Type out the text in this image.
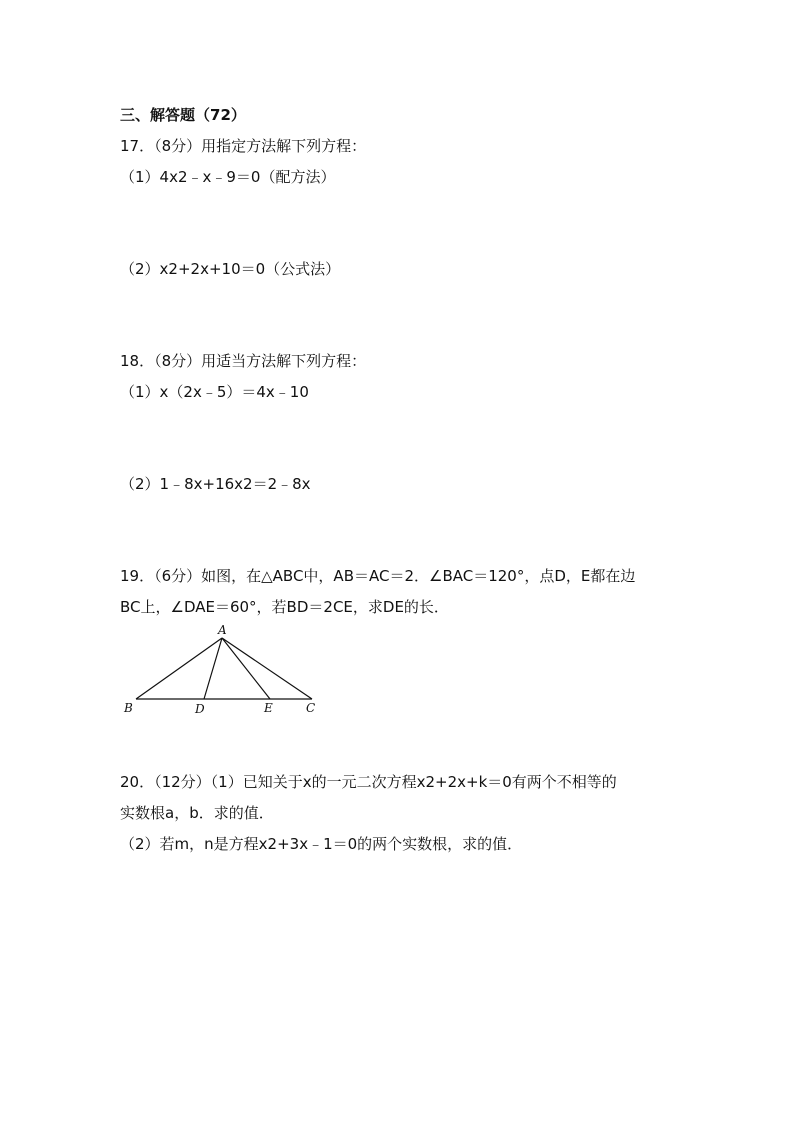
三、解答题（72）
17．（8分）用指定方法解下列方程：
（1）4x2﹣x﹣9＝0（配方法）
（2）x2+2x+10＝0（公式法）
18．（8分）用适当方法解下列方程：
（1）x（2x﹣5）＝4x﹣10
（2）1﹣8x+16x2＝2﹣8x
19．（6分）如图，在△ABC中，AB＝AC＝2．∠BAC＝120°，点D，E都在边
BC上，∠DAE＝60°，若BD＝2CE，求DE的长．
A
B	D	E	C
20．（12分）（1）已知关于x的一元二次方程x2+2x+k＝0有两个不相等的
实数根a，b．求的值．
（2）若m，n是方程x2+3x﹣1＝0的两个实数根，求的值．
